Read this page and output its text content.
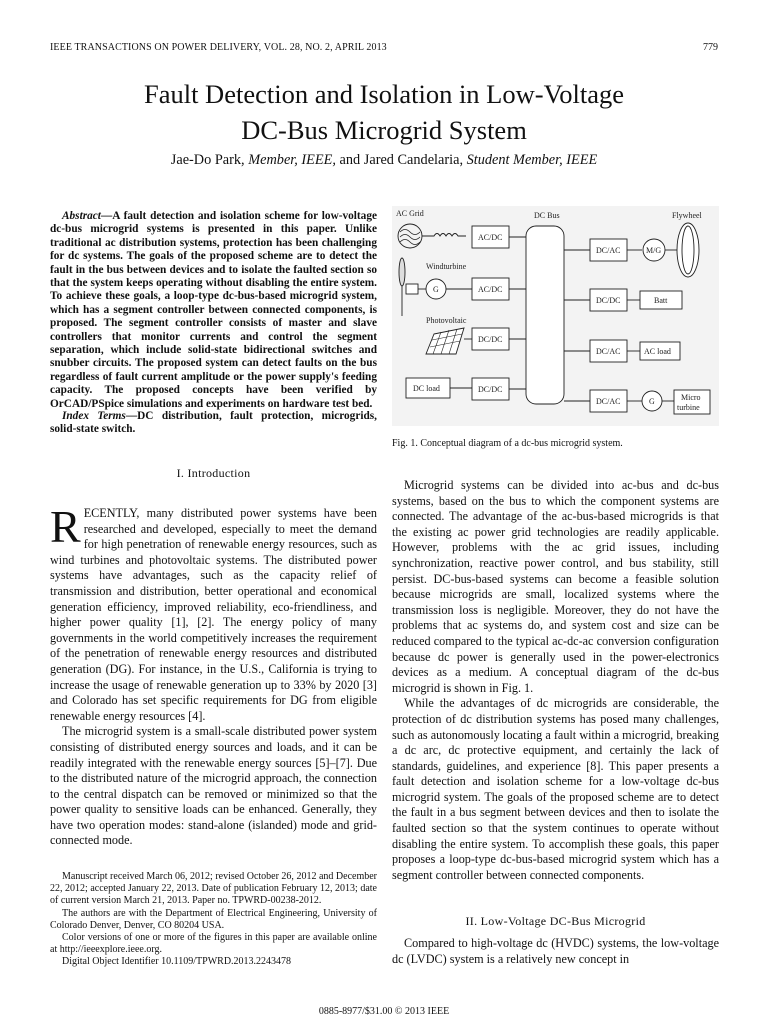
IEEE TRANSACTIONS ON POWER DELIVERY, VOL. 28, NO. 2, APRIL 2013	779
Fault Detection and Isolation in Low-Voltage
DC-Bus Microgrid System
Jae-Do Park, Member, IEEE, and Jared Candelaria, Student Member, IEEE
Abstract—A fault detection and isolation scheme for low-voltage dc-bus microgrid systems is presented in this paper. Unlike traditional ac distribution systems, protection has been challenging for dc systems. The goals of the proposed scheme are to detect the fault in the bus between devices and to isolate the faulted section so that the system keeps operating without disabling the entire system. To achieve these goals, a loop-type dc-bus-based microgrid system, which has a segment controller between connected components, is proposed. The segment controller consists of master and slave controllers that monitor currents and control the segment separation, which include solid-state bidirectional switches and snubber circuits. The proposed system can detect faults on the bus regardless of fault current amplitude or the power supply's feeding capacity. The proposed concepts have been verified by OrCAD/PSpice simulations and experiments on hardware test bed.
Index Terms—DC distribution, fault protection, microgrids, solid-state switch.
I. Introduction
RECENTLY, many distributed power systems have been researched and developed, especially to meet the demand for high penetration of renewable energy resources, such as wind turbines and photovoltaic systems. The distributed power systems have advantages, such as the capacity relief of transmission and distribution, better operational and economical generation efficiency, improved reliability, eco-friendliness, and higher power quality [1], [2]. The energy policy of many governments in the world competitively increases the requirement of the penetration of renewable energy resources and distributed generation (DG). For instance, in the U.S., California is trying to increase the usage of renewable generation up to 33% by 2020 [3] and Colorado has set specific requirements for DG from eligible renewable energy resources [4].

The microgrid system is a small-scale distributed power system consisting of distributed energy sources and loads, and it can be readily integrated with the renewable energy sources [5]–[7]. Due to the distributed nature of the microgrid approach, the connection to the central dispatch can be removed or minimized so that the power quality to sensitive loads can be enhanced. Generally, they have two operation modes: stand-alone (islanded) mode and grid-connected mode.

Manuscript received March 06, 2012; revised October 26, 2012 and December 22, 2012; accepted January 22, 2013. Date of publication February 12, 2013; date of current version March 21, 2013. Paper no. TPWRD-00238-2012.

The authors are with the Department of Electrical Engineering, University of Colorado Denver, Denver, CO 80204 USA.

Color versions of one or more of the figures in this paper are available online at http://ieeexplore.ieee.org.

Digital Object Identifier 10.1109/TPWRD.2013.2243478

AC Grid	DC Bus	Flywheel
Windturbine
Photovoltaic
DC load
AC/DC
AC/DC
DC/DC
DC/DC
G
DC/AC
DC/DC
DC/AC
DC/AC
M/G
Batt
AC load
G	Micro
turbine
Fig. 1. Conceptual diagram of a dc-bus microgrid system.

Microgrid systems can be divided into ac-bus and dc-bus systems, based on the bus to which the component systems are connected. The advantage of the ac-bus-based microgrids is that the existing ac power grid technologies are readily applicable. However, problems with the ac grid issues, including synchronization, reactive power control, and bus stability, still persist. DC-bus-based systems can become a feasible solution because microgrids are small, localized systems where the transmission loss is negligible. Moreover, they do not have the problems that ac systems do, and system cost and size can be reduced compared to the typical ac-dc-ac conversion configuration because dc power is generally used in the power-electronics devices as a medium. A conceptual diagram of the dc-bus microgrid is shown in Fig. 1.

While the advantages of dc microgrids are considerable, the protection of dc distribution systems has posed many challenges, such as autonomously locating a fault within a microgrid, breaking a dc arc, dc protective equipment, and certainly the lack of standards, guidelines, and experience [8]. This paper presents a fault detection and isolation scheme for a low-voltage dc-bus microgrid system. The goals of the proposed scheme are to detect the fault in a bus segment between devices and then to isolate the faulted section so that the system continues to operate without disabling the entire system. To accomplish these goals, this paper proposes a loop-type dc-bus-based microgrid system which has a segment controller between connected components.

II. Low-Voltage DC-Bus Microgrid

Compared to high-voltage dc (HVDC) systems, the low-voltage dc (LVDC) system is a relatively new concept in

0885-8977/$31.00 © 2013 IEEE
